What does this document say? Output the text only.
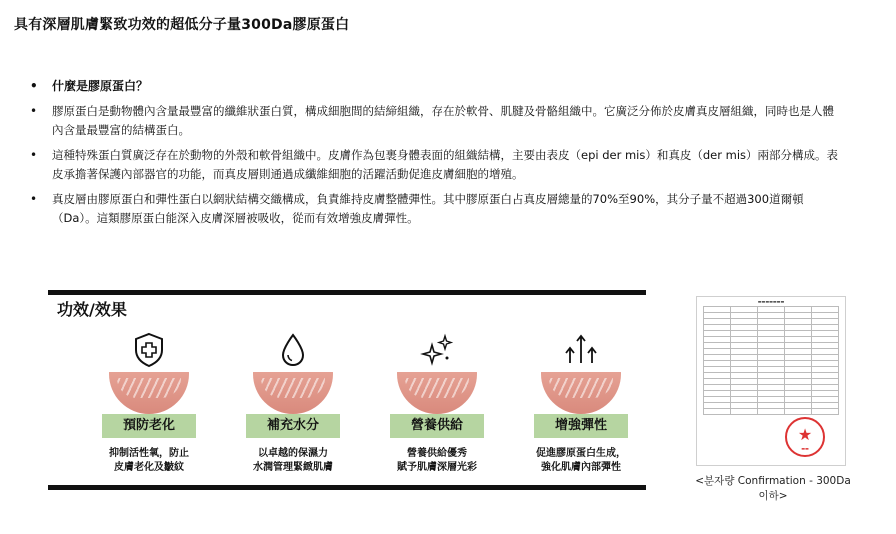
具有深層肌膚緊致功效的超低分子量300Da膠原蛋白
• 什麼是膠原蛋白？
• 膠原蛋白是動物體內含量最豐富的纖維狀蛋白質，構成細胞間的結締組織，存在於軟骨、肌腱及骨骼組織中。它廣泛分佈於皮膚真皮層組織，同時也是人體內含量最豐富的結構蛋白。
• 這種特殊蛋白質廣泛存在於動物的外殼和軟骨組織中。皮膚作為包裹身體表面的組織結構，主要由表皮（epi der mis）和真皮（der mis）兩部分構成。表皮承擔著保護內部器官的功能，而真皮層則通過成纖維細胞的活躍活動促進皮膚細胞的增殖。
• 真皮層由膠原蛋白和彈性蛋白以網狀結構交織構成，負責維持皮膚整體彈性。其中膠原蛋白占真皮層總量的70%至90%，其分子量不超過300道爾頓（Da）。這類膠原蛋白能深入皮膚深層被吸收，從而有效增強皮膚彈性。
功效/效果
預防老化
抑制活性氧，防止
皮膚老化及皺紋
補充水分
以卓越的保濕力
水潤管理緊緻肌膚
營養供給
營養供給優秀
賦予肌膚深層光彩
增強彈性
促進膠原蛋白生成，
強化肌膚內部彈性
▬▬▬▬▬▬▬

★
▬▬
<분자량 Confirmation - 300Da 이하>
